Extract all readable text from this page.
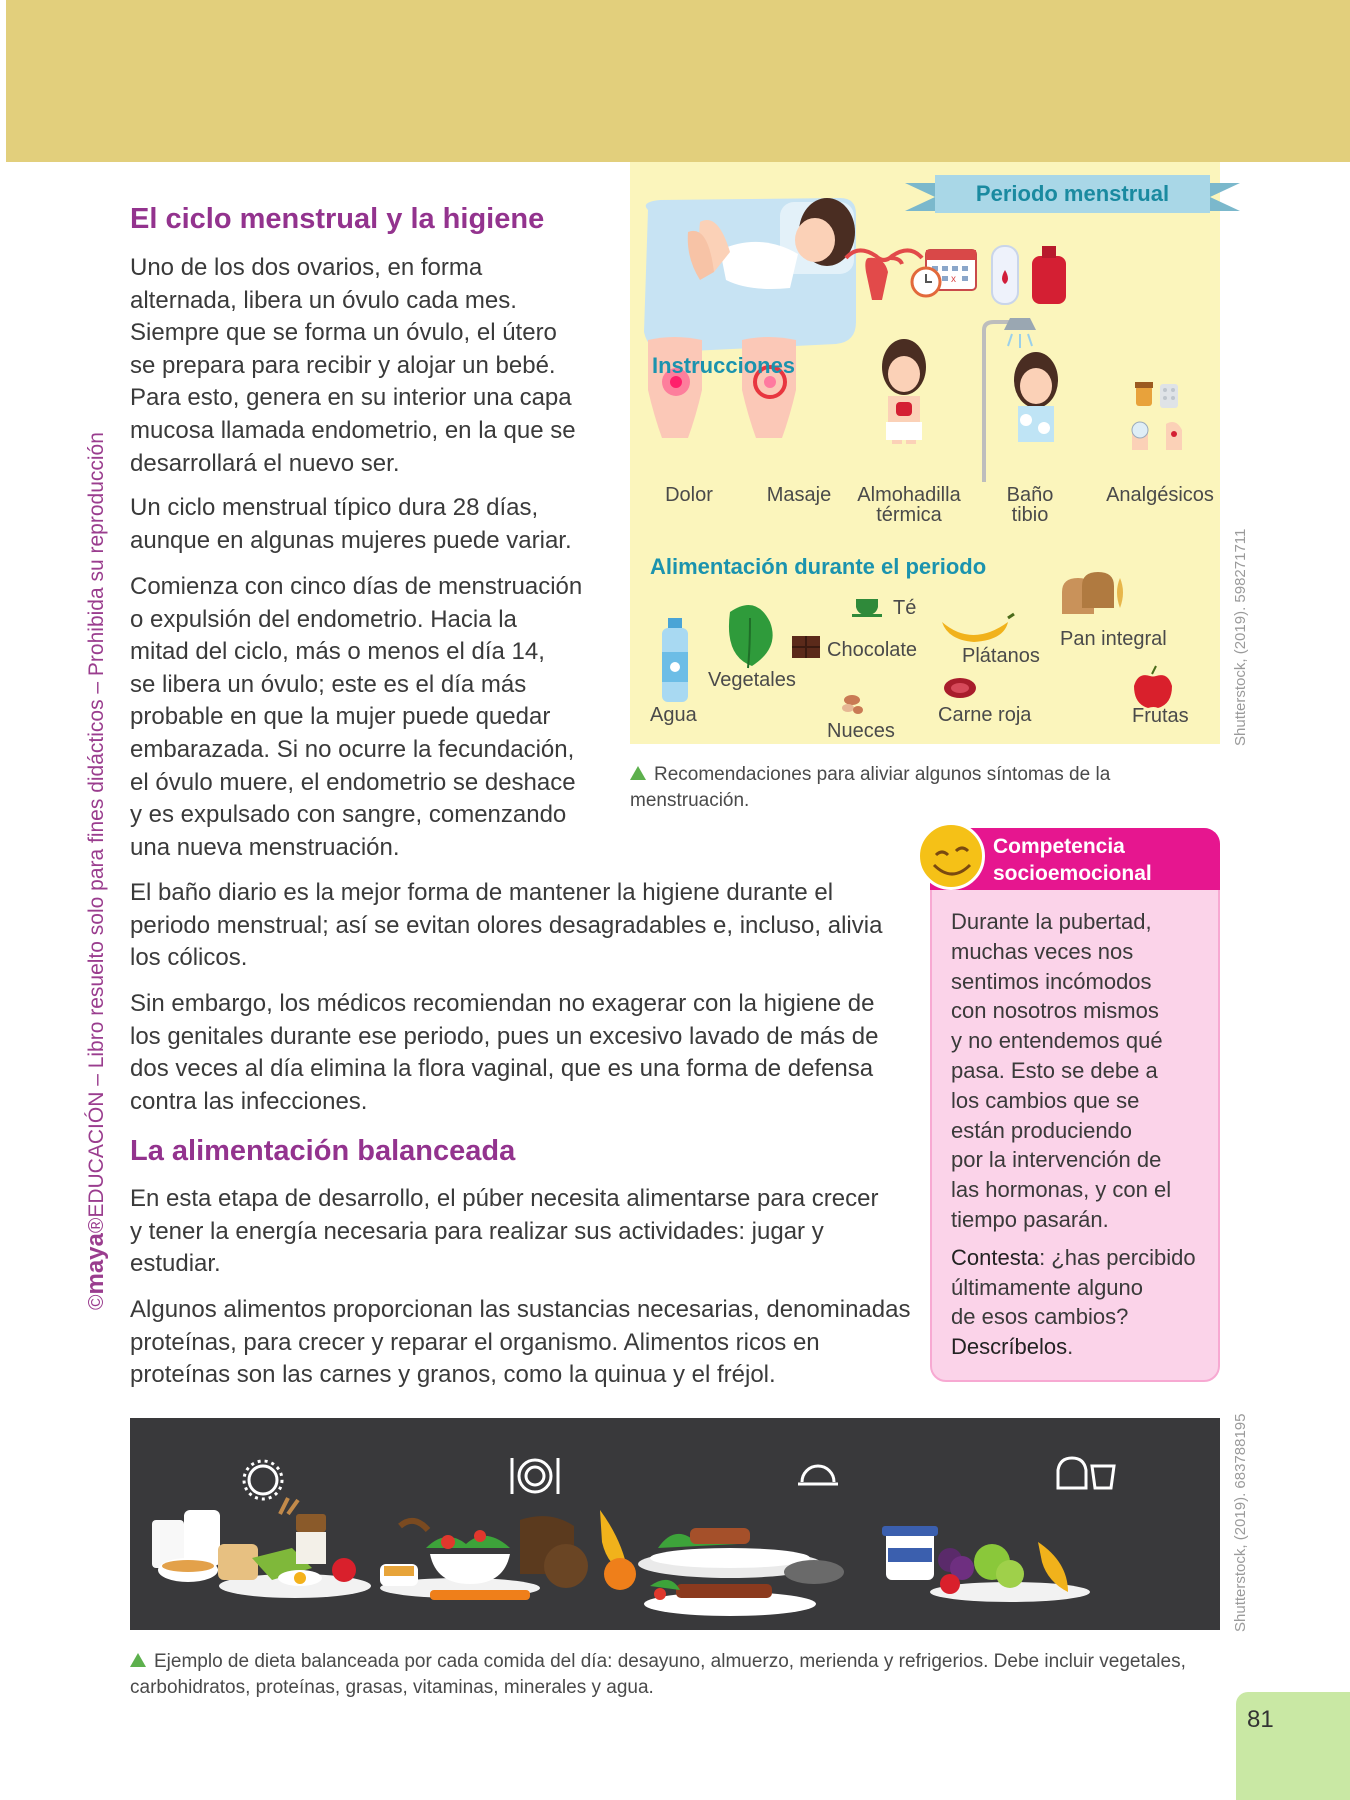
©maya®EDUCACIÓN – Libro resuelto solo para fines didácticos – Prohibida su reproducción
El ciclo menstrual y la higiene

Uno de los dos ovarios, en forma
alternada, libera un óvulo cada mes.
Siempre que se forma un óvulo, el útero
se prepara para recibir y alojar un bebé.
Para esto, genera en su interior una capa
mucosa llamada endometrio, en la que se
desarrollará el nuevo ser.

Un ciclo menstrual típico dura 28 días,
aunque en algunas mujeres puede variar.

Comienza con cinco días de menstruación
o expulsión del endometrio. Hacia la
mitad del ciclo, más o menos el día 14,
se libera un óvulo; este es el día más
probable en que la mujer puede quedar
embarazada. Si no ocurre la fecundación,
el óvulo muere, el endometrio se deshace
y es expulsado con sangre, comenzando
una nueva menstruación.

El baño diario es la mejor forma de mantener la higiene durante el
periodo menstrual; así se evitan olores desagradables e, incluso, alivia
los cólicos.

Sin embargo, los médicos recomiendan no exagerar con la higiene de
los genitales durante ese periodo, pues un excesivo lavado de más de
dos veces al día elimina la flora vaginal, que es una forma de defensa
contra las infecciones.

La alimentación balanceada

En esta etapa de desarrollo, el púber necesita alimentarse para crecer
y tener la energía necesaria para realizar sus actividades: jugar y
estudiar.

Algunos alimentos proporcionan las sustancias necesarias, denominadas
proteínas, para crecer y reparar el organismo. Alimentos ricos en
proteínas son las carnes y granos, como la quinua y el fréjol.

x
Periodo menstrual
Instrucciones
Dolor	Masaje	Almohadilla
térmica
Baño
tibio
Analgésicos
Alimentación durante el periodo
Agua
Vegetales
Té
Chocolate
Nueces
Plátanos
Carne roja
Pan integral
Frutas	Shutterstock, (2019). 598271711
Recomendaciones para aliviar algunos síntomas de la menstruación.
Competencia
socioemocional

Durante la pubertad,
muchas veces nos
sentimos incómodos
con nosotros mismos
y no entendemos qué
pasa. Esto se debe a
los cambios que se
están produciendo
por la intervención de
las hormonas, y con el
tiempo pasarán.
Contesta: ¿has percibido
últimamente alguno
de esos cambios?
Descríbelos.

Shutterstock, (2019). 683788195
Ejemplo de dieta balanceada por cada comida del día: desayuno, almuerzo, merienda y refrigerios. Debe incluir vegetales, carbohidratos, proteínas, grasas, vitaminas, minerales y agua.
81
